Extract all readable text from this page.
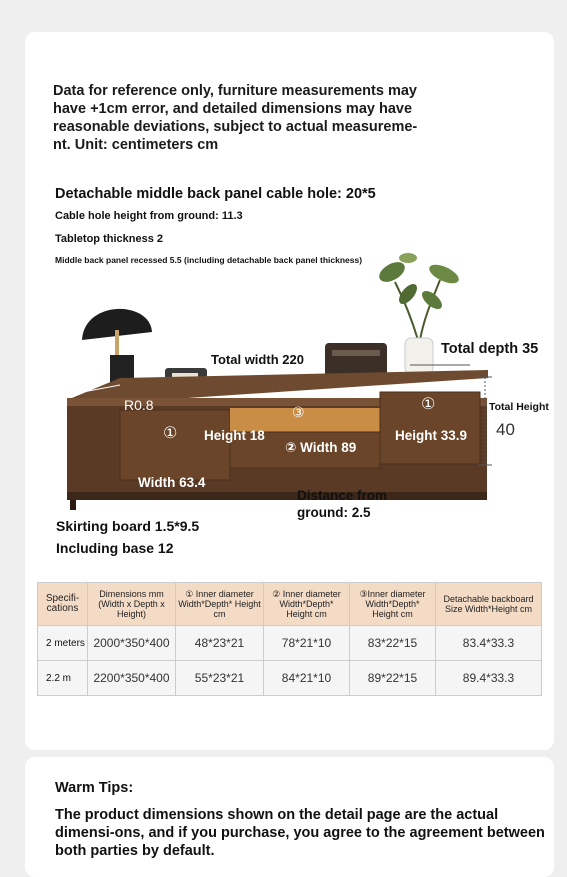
Data for reference only, furniture measurements may have +1cm error, and detailed dimensions may have reasonable deviations, subject to actual measureme-nt. Unit: centimeters cm
Detachable middle back panel cable hole: 20*5
Cable hole height from ground: 11.3
Tabletop thickness 2
Middle back panel recessed 5.5 (including detachable back panel thickness)
Total width 220
Total depth 35
Total Height
40
R0.8
①
①
③
Height 18
② Width 89
Height 33.9
Width 63.4
Distance from
ground: 2.5
Skirting board 1.5*9.5
Including base 12
Specifi-cations	Dimensions mm (Width x Depth x Height)	① Inner diameter Width*Depth* Height cm	② Inner diameter Width*Depth* Height cm	③Inner diameter Width*Depth* Height cm	Detachable backboard Size Width*Height cm
2 meters	2000*350*400	48*23*21	78*21*10	83*22*15	83.4*33.3
2.2 m	2200*350*400	55*23*21	84*21*10	89*22*15	89.4*33.3
Warm Tips:
The product dimensions shown on the detail page are the actual dimensi-ons, and if you purchase, you agree to the agreement between both parties by default.
